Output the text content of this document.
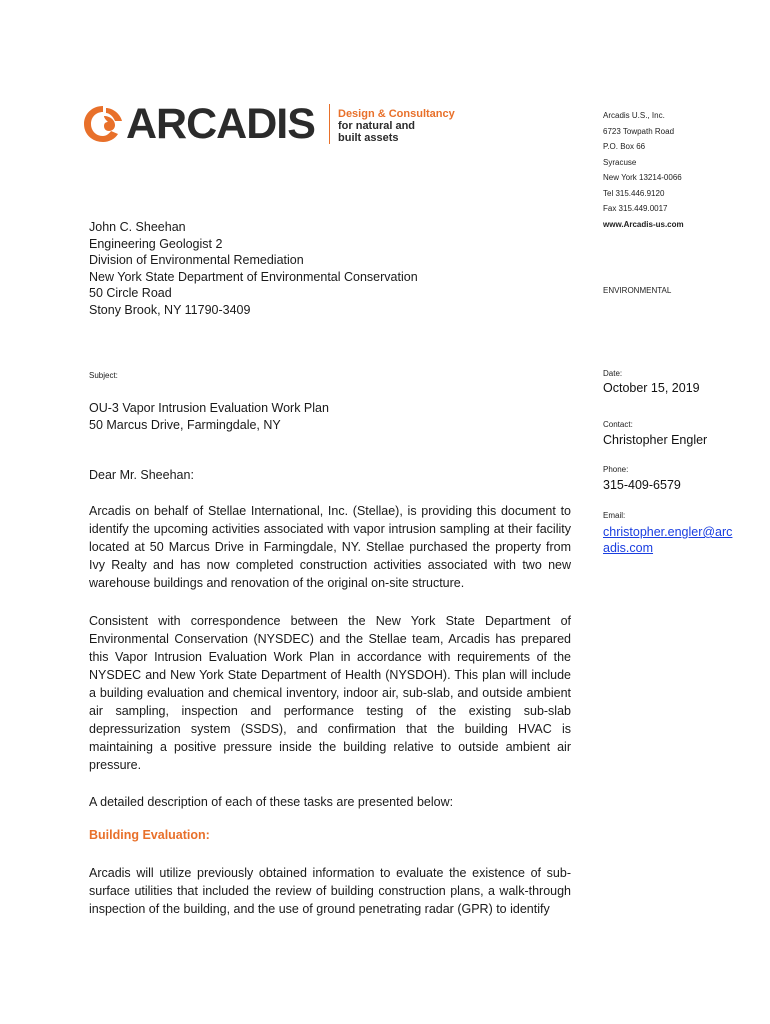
ARCADIS Design & Consultancy
for natural and
built assets
Arcadis U.S., Inc.
6723 Towpath Road
P.O. Box 66
Syracuse
New York 13214-0066
Tel 315.446.9120
Fax 315.449.0017
www.Arcadis-us.com
ENVIRONMENTAL
Date:
October 15, 2019
Contact:
Christopher Engler
Phone:
315-409-6579
Email:
christopher.engler@arc
adis.com
John C. Sheehan
Engineering Geologist 2
Division of Environmental Remediation
New York State Department of Environmental Conservation
50 Circle Road
Stony Brook, NY 11790-3409
Subject:
OU-3 Vapor Intrusion Evaluation Work Plan
50 Marcus Drive, Farmingdale, NY
Dear Mr. Sheehan:
Arcadis on behalf of Stellae International, Inc. (Stellae), is providing this document to identify the upcoming activities associated with vapor intrusion sampling at their facility located at 50 Marcus Drive in Farmingdale, NY. Stellae purchased the property from Ivy Realty and has now completed construction activities associated with two new warehouse buildings and renovation of the original on-site structure.
Consistent with correspondence between the New York State Department of Environmental Conservation (NYSDEC) and the Stellae team, Arcadis has prepared this Vapor Intrusion Evaluation Work Plan in accordance with requirements of the NYSDEC and New York State Department of Health (NYSDOH). This plan will include a building evaluation and chemical inventory, indoor air, sub-slab, and outside ambient air sampling, inspection and performance testing of the existing sub-slab depressurization system (SSDS), and confirmation that the building HVAC is maintaining a positive pressure inside the building relative to outside ambient air pressure.
A detailed description of each of these tasks are presented below:
Building Evaluation:
Arcadis will utilize previously obtained information to evaluate the existence of sub-surface utilities that included the review of building construction plans, a walk-through inspection of the building, and the use of ground penetrating radar (GPR) to identify
